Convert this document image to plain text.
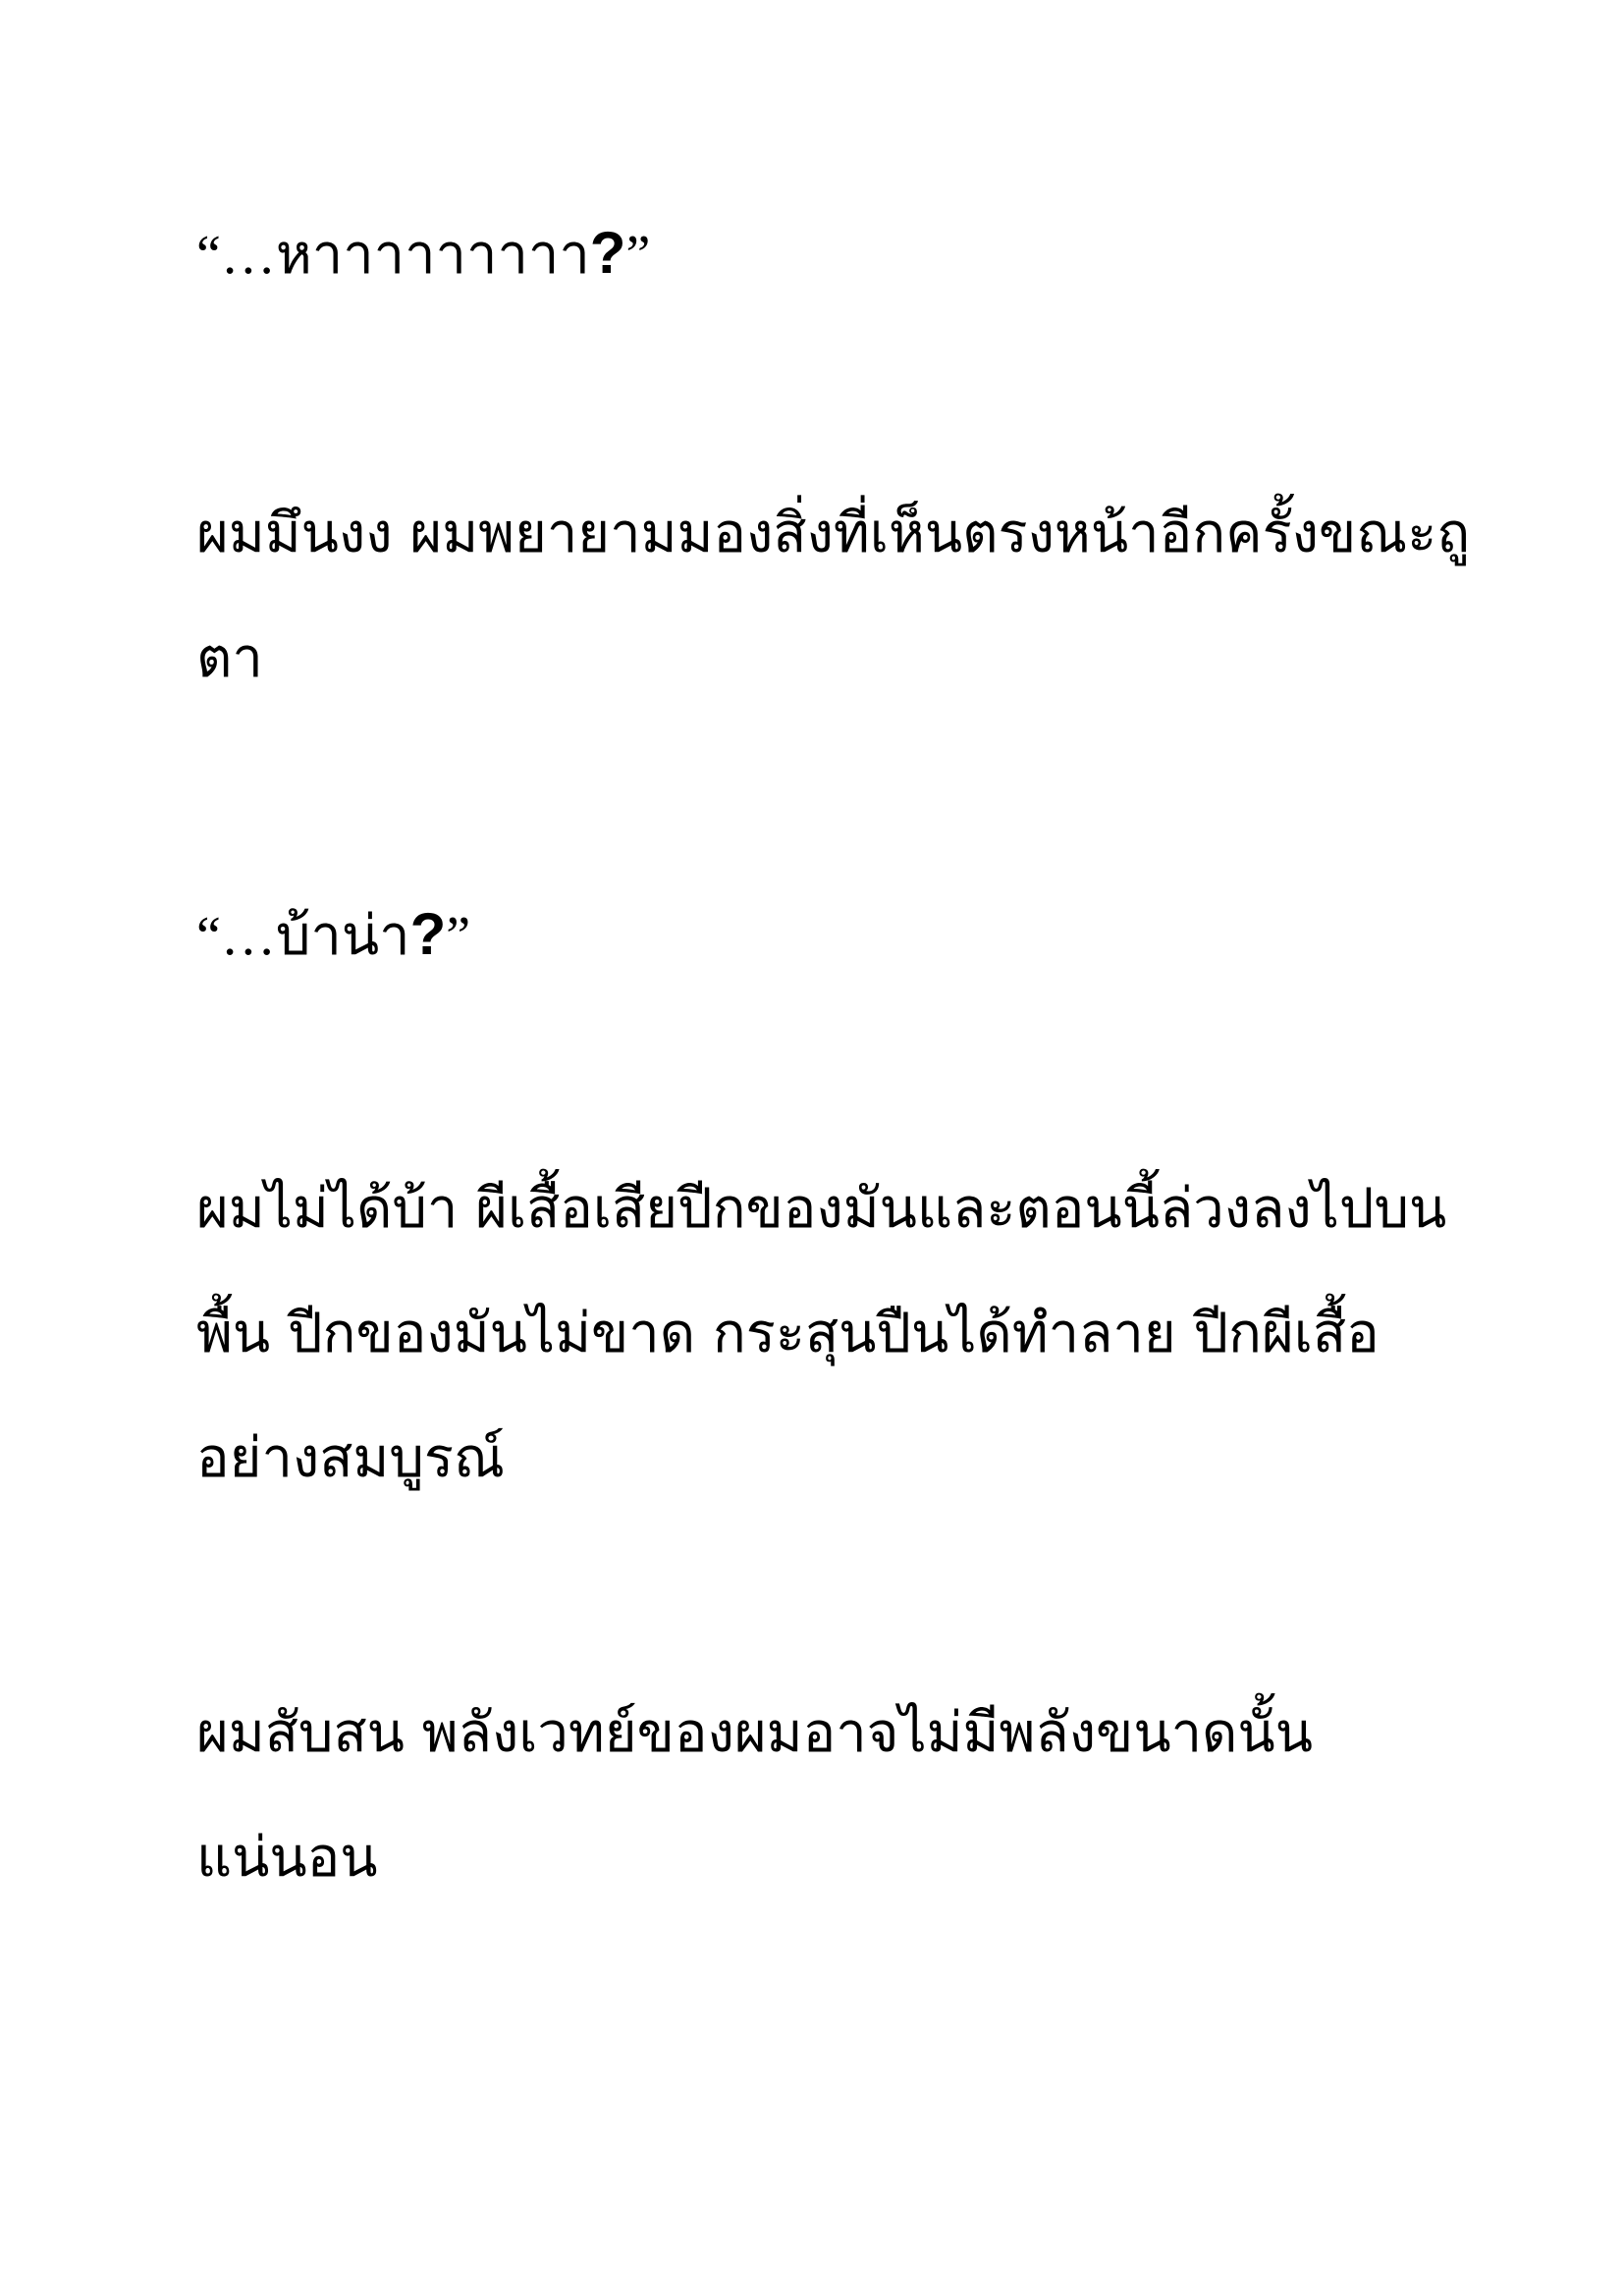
“…หาาาาาาาาา?”
ผมมึนงง ผมพยายามมองสิ่งที่เห็นตรงหน้าอีกครั้งขณะถู
ตา
“…บ้าน่า?”
ผมไม่ได้บ้า ผีเสื้อเสียปีกของมันและตอนนี้ล่วงลงไปบน
พื้น ปีกของมันไม่ขาด กระสุนปืนได้ทำลาย ปีกผีเสื้อ
อย่างสมบูรณ์
ผมสับสน พลังเวทย์ของผมอาจไม่มีพลังขนาดนั้น
แน่นอน
